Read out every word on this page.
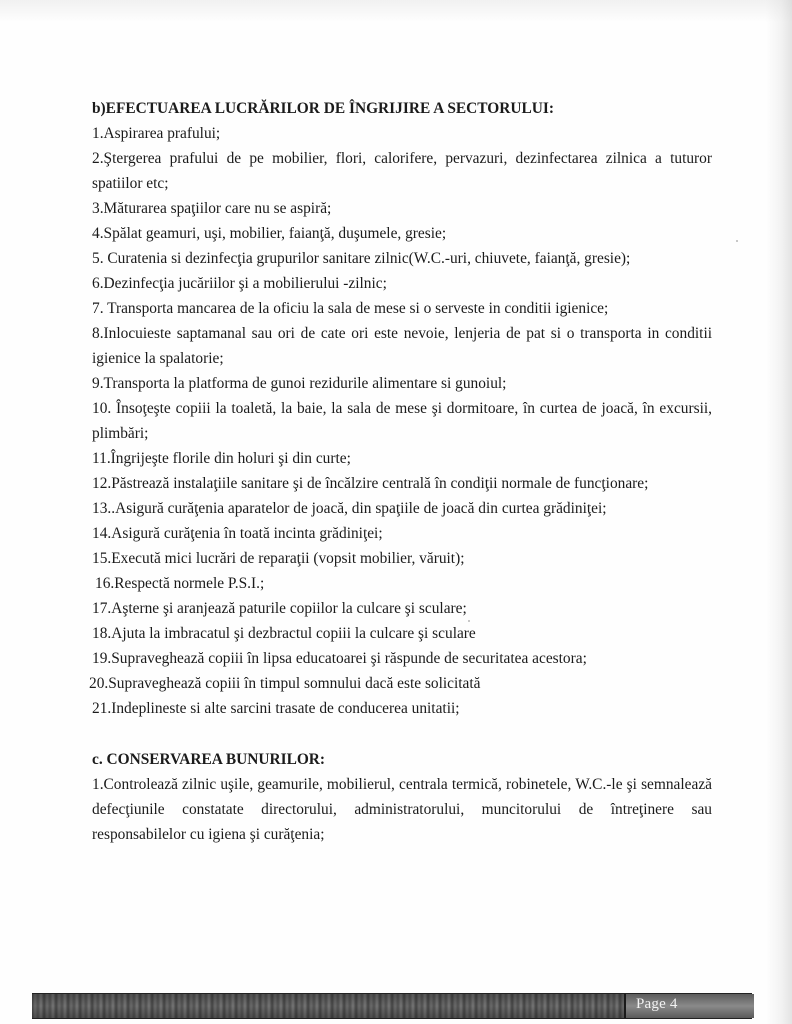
b)EFECTUAREA LUCRĂRILOR DE ÎNGRIJIRE A SECTORULUI:

1.Aspirarea prafului;

2.Ştergerea prafului de pe mobilier, flori, calorifere, pervazuri, dezinfectarea zilnica a tuturor spatiilor etc;

3.Măturarea spaţiilor care nu se aspiră;

4.Spălat geamuri, uşi, mobilier, faianţă, duşumele, gresie;

5. Curatenia si dezinfecţia grupurilor sanitare zilnic(W.C.-uri, chiuvete, faianţă, gresie);

6.Dezinfecţia jucăriilor şi a mobilierului -zilnic;

7. Transporta mancarea de la oficiu la sala de mese si o serveste in conditii igienice;

8.Inlocuieste saptamanal sau ori de cate ori este nevoie, lenjeria de pat si o transporta in conditii igienice la spalatorie;

9.Transporta la platforma de gunoi rezidurile alimentare si gunoiul;

10. Însoţeşte copiii la toaletă, la baie, la sala de mese şi dormitoare, în curtea de joacă, în excursii, plimbări;

11.Îngrijeşte florile din holuri şi din curte;

12.Păstrează instalaţiile sanitare şi de încălzire centrală în condiţii normale de funcţionare;

13..Asigură curăţenia aparatelor de joacă, din spaţiile de joacă din curtea grădiniţei;

14.Asigură curăţenia în toată incinta grădiniţei;

15.Execută mici lucrări de reparaţii (vopsit mobilier, văruit);

16.Respectă normele P.S.I.;

17.Aşterne şi aranjează paturile copiilor la culcare şi sculare;

18.Ajuta la imbracatul şi dezbractul copiii la culcare şi sculare

19.Supraveghează copiii în lipsa educatoarei şi răspunde de securitatea acestora;

20.Supraveghează copiii în timpul somnului dacă este solicitată

21.Indeplineste si alte sarcini trasate de conducerea unitatii;

c. CONSERVAREA BUNURILOR:

1.Controlează zilnic uşile, geamurile, mobilierul, centrala termică, robinetele, W.C.-le şi semnalează defecţiunile constatate directorului, administratorului, muncitorului de întreţinere sau responsabilelor cu igiena şi curăţenia;

Page 4
